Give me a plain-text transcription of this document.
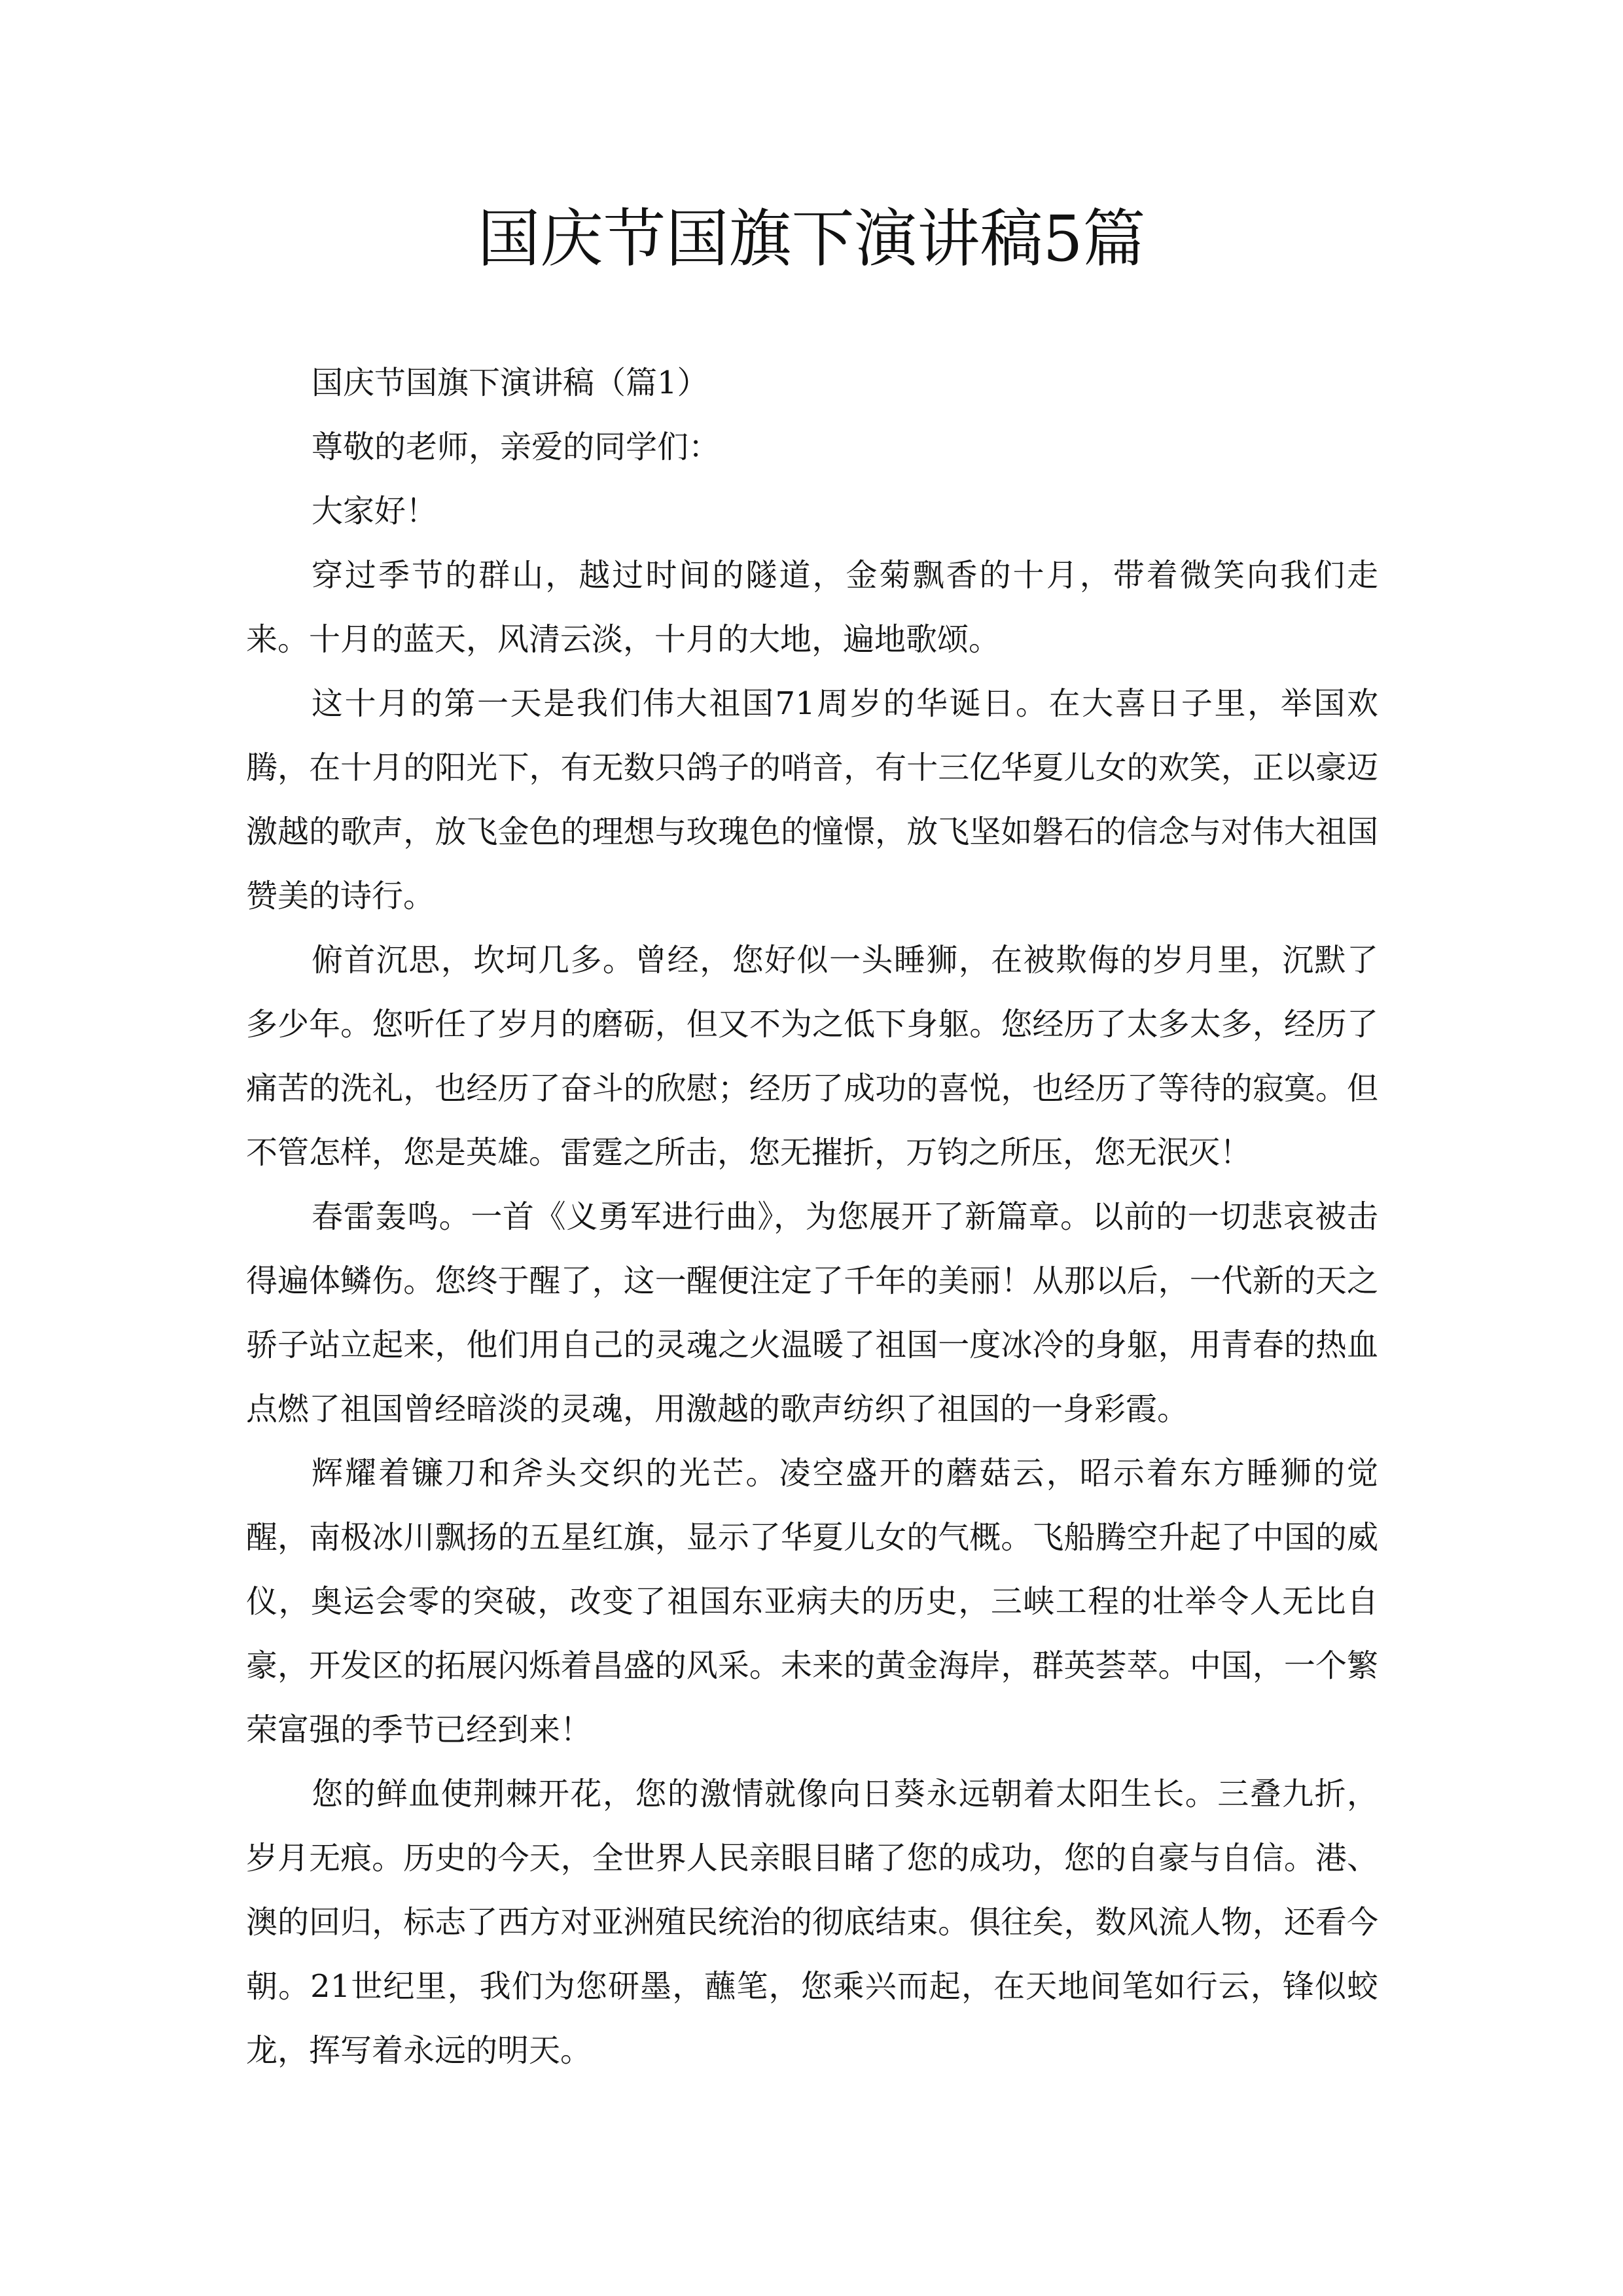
国庆节国旗下演讲稿5篇

国庆节国旗下演讲稿（篇1）

尊敬的老师，亲爱的同学们：

大家好！

穿过季节的群山，越过时间的隧道，金菊飘香的十月，带着微笑向我们走来。十月的蓝天，风清云淡，十月的大地，遍地歌颂。

这十月的第一天是我们伟大祖国71周岁的华诞日。在大喜日子里，举国欢腾，在十月的阳光下，有无数只鸽子的哨音，有十三亿华夏儿女的欢笑，正以豪迈激越的歌声，放飞金色的理想与玫瑰色的憧憬，放飞坚如磐石的信念与对伟大祖国赞美的诗行。

俯首沉思，坎坷几多。曾经，您好似一头睡狮，在被欺侮的岁月里，沉默了多少年。您听任了岁月的磨砺，但又不为之低下身躯。您经历了太多太多，经历了痛苦的洗礼，也经历了奋斗的欣慰；经历了成功的喜悦，也经历了等待的寂寞。但不管怎样，您是英雄。雷霆之所击，您无摧折，万钧之所压，您无泯灭！

春雷轰鸣。一首《义勇军进行曲》，为您展开了新篇章。以前的一切悲哀被击得遍体鳞伤。您终于醒了，这一醒便注定了千年的美丽！从那以后，一代新的天之骄子站立起来，他们用自己的灵魂之火温暖了祖国一度冰冷的身躯，用青春的热血点燃了祖国曾经暗淡的灵魂，用激越的歌声纺织了祖国的一身彩霞。

辉耀着镰刀和斧头交织的光芒。凌空盛开的蘑菇云，昭示着东方睡狮的觉醒，南极冰川飘扬的五星红旗，显示了华夏儿女的气概。飞船腾空升起了中国的威仪，奥运会零的突破，改变了祖国东亚病夫的历史，三峡工程的壮举令人无比自豪，开发区的拓展闪烁着昌盛的风采。未来的黄金海岸，群英荟萃。中国，一个繁荣富强的季节已经到来！

您的鲜血使荆棘开花，您的激情就像向日葵永远朝着太阳生长。三叠九折，岁月无痕。历史的今天，全世界人民亲眼目睹了您的成功，您的自豪与自信。港、澳的回归，标志了西方对亚洲殖民统治的彻底结束。俱往矣，数风流人物，还看今朝。21世纪里，我们为您研墨，蘸笔，您乘兴而起，在天地间笔如行云，锋似蛟龙，挥写着永远的明天。
